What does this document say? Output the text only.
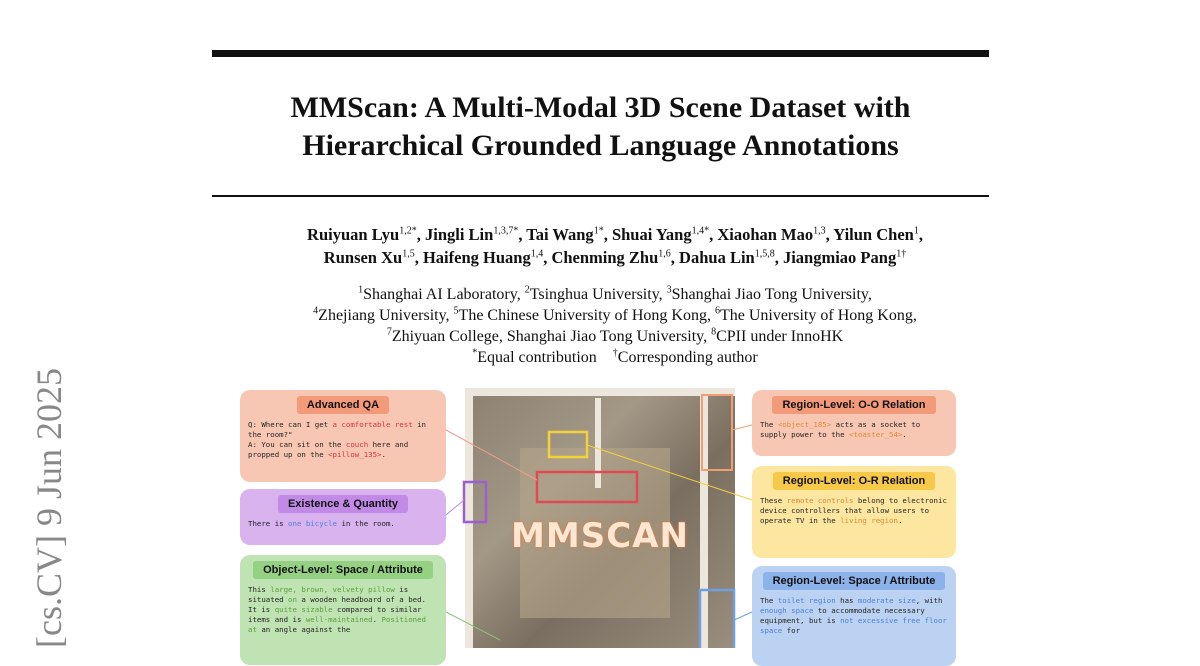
MMScan: A Multi-Modal 3D Scene Dataset with
Hierarchical Grounded Language Annotations
Ruiyuan Lyu$^{1,2*}$, Jingli Lin$^{1,3,7*}$, Tai Wang$^{1*}$, Shuai Yang$^{1,4*}$, Xiaohan Mao$^{1,3}$, Yilun Chen$^1$,
Runsen Xu$^{1,5}$, Haifeng Huang$^{1,4}$, Chenming Zhu$^{1,6}$, Dahua Lin$^{1,5,8}$, Jiangmiao Pang$^{1\dagger}$
$^1$Shanghai AI Laboratory, $^2$Tsinghua University, $^3$Shanghai Jiao Tong University,
$^4$Zhejiang University, $^5$The Chinese University of Hong Kong, $^6$The University of Hong Kong,
$^7$Zhiyuan College, Shanghai Jiao Tong University, $^8$CPII under InnoHK
*Equal contribution †Corresponding author
[cs.CV] 9 Jun 2025	MMSCAN
Advanced QA
Q: Where can I get a comfortable rest in the room?"
A: You can sit on the couch here and propped up on the <pillow_135>.
Existence & Quantity
There is one bicycle in the room.
Object-Level: Space / Attribute
This large, brown, velvety pillow is situated on a wooden headboard of a bed. It is quite sizable compared to similar items and is well-maintained. Positioned at an angle against the
Region-Level: O-O Relation
The <object_185> acts as a socket to supply power to the <toaster_54>.
Region-Level: O-R Relation
These remote controls belong to electronic device controllers that allow users to operate TV in the living region.
Region-Level: Space / Attribute
The toilet region has moderate size, with enough space to accommodate necessary equipment, but is not excessive free floor space for
